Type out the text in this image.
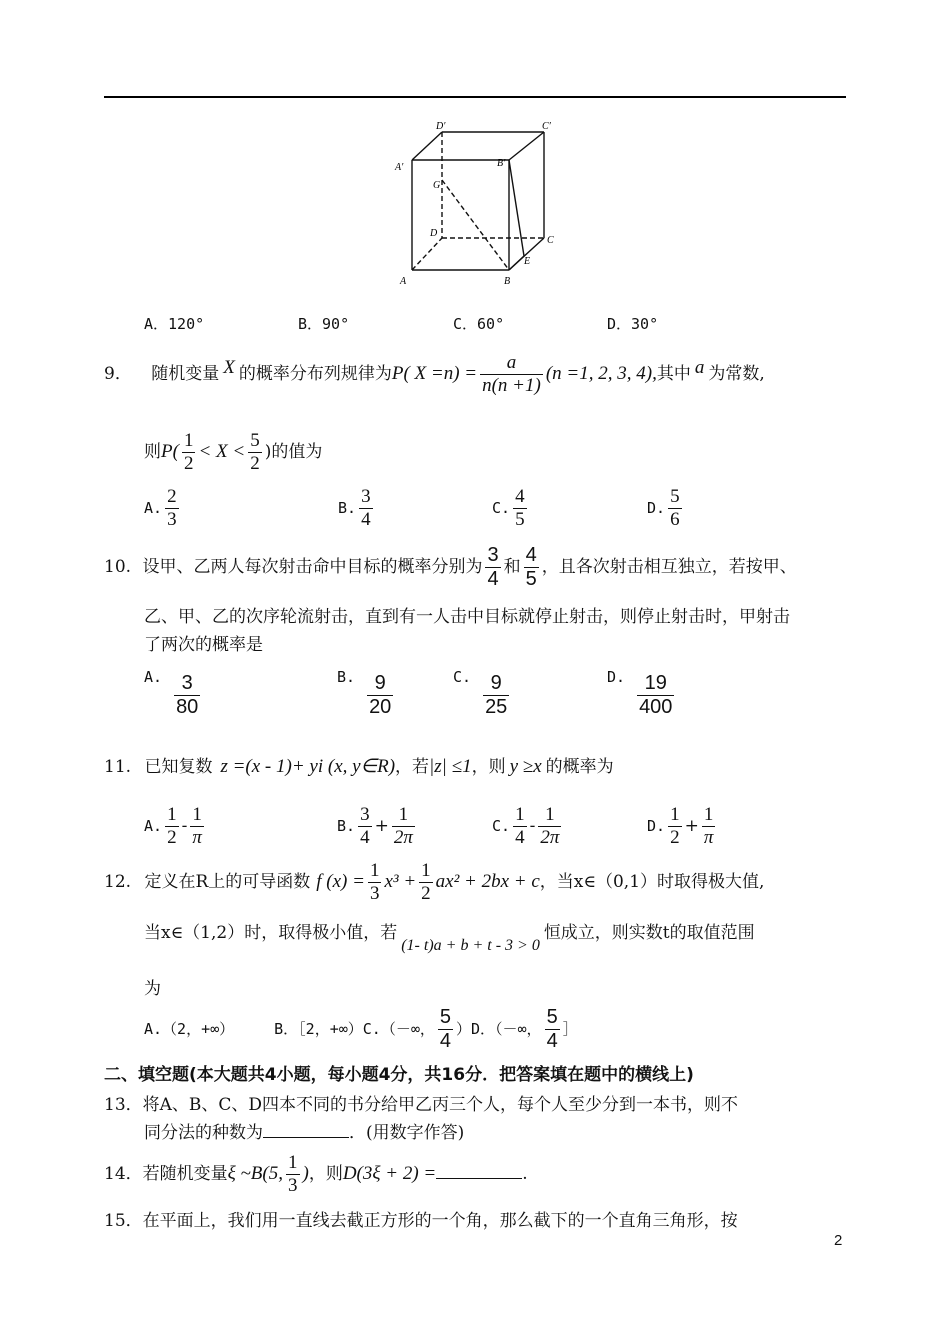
D′	C′
A′	B′
G
D
C
E
A	B
A．120°	B．90°	C．60°	D．30°
9． 随机变量 X 的概率分布列规律为P( $X =n) = \frac{a}{n(n +1)} (n =1$, 2, 3, 4),其中 a 为常数,
则$P( \frac{1}{2} < X < \frac{5}{2}$ )的值为
A. $\frac{2}{3}$	B. $\frac{3}{4}$	C. $\frac{4}{5}$	D. $\frac{5}{6}$
10. 设甲、乙两人每次射击命中目标的概率分别为 $\frac{3}{4}$ 和 $\frac{4}{5}$ ，且各次射击相互独立，若按甲、
乙、甲、乙的次序轮流射击，直到有一人击中目标就停止射击，则停止射击时，甲射击
了两次的概率是
A. $\frac{3}{80}$	B. $\frac{9}{20}$	C. $\frac{9}{25}$	D. $\frac{19}{400}$
11. 已知复数 z =(x - 1)+ yi (x, y∈R)，若|z| ≤1，则 y ≥x 的概率为
A. $\frac{1}{2} - \frac{1}{\pi}$	B. $\frac{3}{4} + \frac{1}{2\pi}$	C. $\frac{1}{4} - \frac{1}{2\pi}$	D. $\frac{1}{2} + \frac{1}{\pi}$
12. 定义在R上的可导函数 f $(x) = \frac{1}{3} x^3 + \frac{1}{2} ax^2 + 2bx + c$，当x∈（0,1）时取得极大值,
当x∈（1,2）时，取得极小值，若(1- t)a + b + t - 3 > 0恒成立，则实数t的取值范围
为
A.（2，+∞）	B．［2，+∞）C.（－∞， $\frac{5}{4} )D$．（－∞， $\frac{5}{4}$ ］
二、填空题(本大题共4小题，每小题4分，共16分．把答案填在题中的横线上)
13．将A、B、C、D四本不同的书分给甲乙丙三个人，每个人至少分到一本书，则不
同分法的种数为	．(用数字作答)
14．若随机变量ξ ~B(5, $\frac{1}{3}$ )，则D(3ξ + 2) =	.
15．在平面上，我们用一直线去截正方形的一个角，那么截下的一个直角三角形，按
2
